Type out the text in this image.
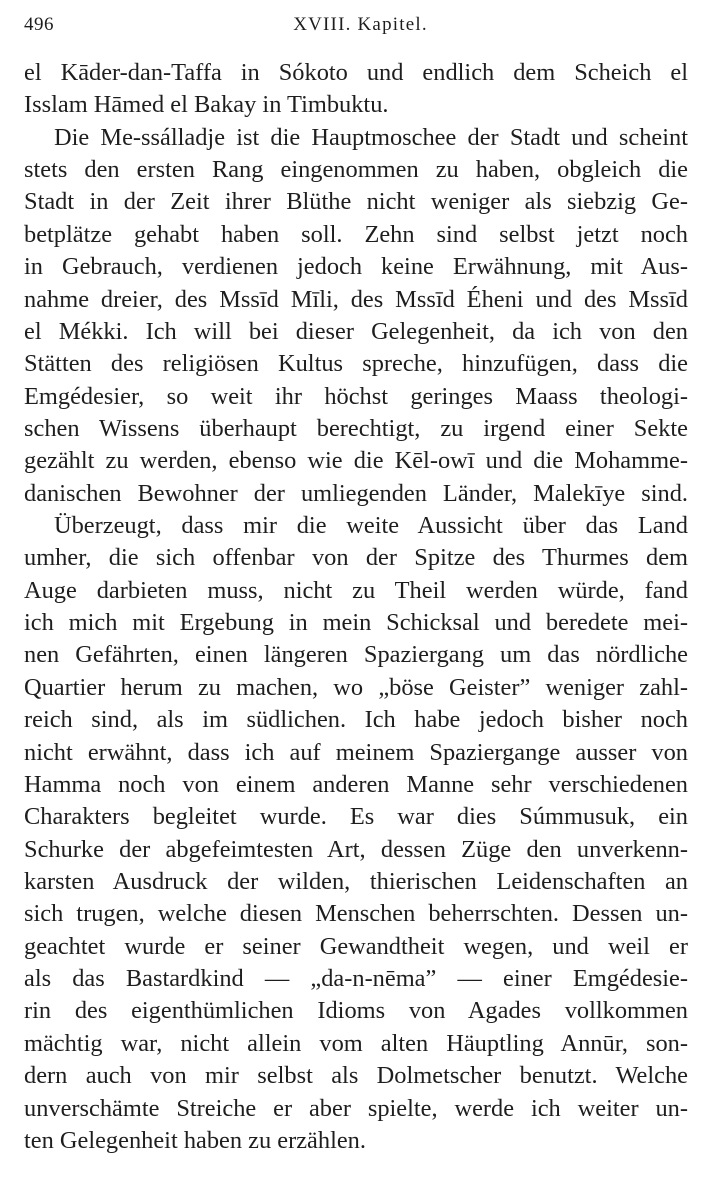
496	XVIII. Kapitel.
el Kāder-dan-Taffa in Sókoto und endlich dem Scheich el
Isslam Hāmed el Bakay in Timbuktu.
Die Me-ssálladje ist die Hauptmoschee der Stadt und scheint
stets den ersten Rang eingenommen zu haben, obgleich die
Stadt in der Zeit ihrer Blüthe nicht weniger als siebzig Ge-
betplätze gehabt haben soll. Zehn sind selbst jetzt noch
in Gebrauch, verdienen jedoch keine Erwähnung, mit Aus-
nahme dreier, des Mssīd Mīli, des Mssīd Éheni und des Mssīd
el Mékki. Ich will bei dieser Gelegenheit, da ich von den
Stätten des religiösen Kultus spreche, hinzufügen, dass die
Emgédesier, so weit ihr höchst geringes Maass theologi-
schen Wissens überhaupt berechtigt, zu irgend einer Sekte
gezählt zu werden, ebenso wie die Kēl-owī und die Mohamme-
danischen Bewohner der umliegenden Länder, Malekīye sind.
Überzeugt, dass mir die weite Aussicht über das Land
umher, die sich offenbar von der Spitze des Thurmes dem
Auge darbieten muss, nicht zu Theil werden würde, fand
ich mich mit Ergebung in mein Schicksal und beredete mei-
nen Gefährten, einen längeren Spaziergang um das nördliche
Quartier herum zu machen, wo „böse Geister” weniger zahl-
reich sind, als im südlichen. Ich habe jedoch bisher noch
nicht erwähnt, dass ich auf meinem Spaziergange ausser von
Hamma noch von einem anderen Manne sehr verschiedenen
Charakters begleitet wurde. Es war dies Súmmusuk, ein
Schurke der abgefeimtesten Art, dessen Züge den unverkenn-
karsten Ausdruck der wilden, thierischen Leidenschaften an
sich trugen, welche diesen Menschen beherrschten. Dessen un-
geachtet wurde er seiner Gewandtheit wegen, und weil er
als das Bastardkind — „da-n-nēma” — einer Emgédesie-
rin des eigenthümlichen Idioms von Agades vollkommen
mächtig war, nicht allein vom alten Häuptling Annūr, son-
dern auch von mir selbst als Dolmetscher benutzt. Welche
unverschämte Streiche er aber spielte, werde ich weiter un-
ten Gelegenheit haben zu erzählen.
